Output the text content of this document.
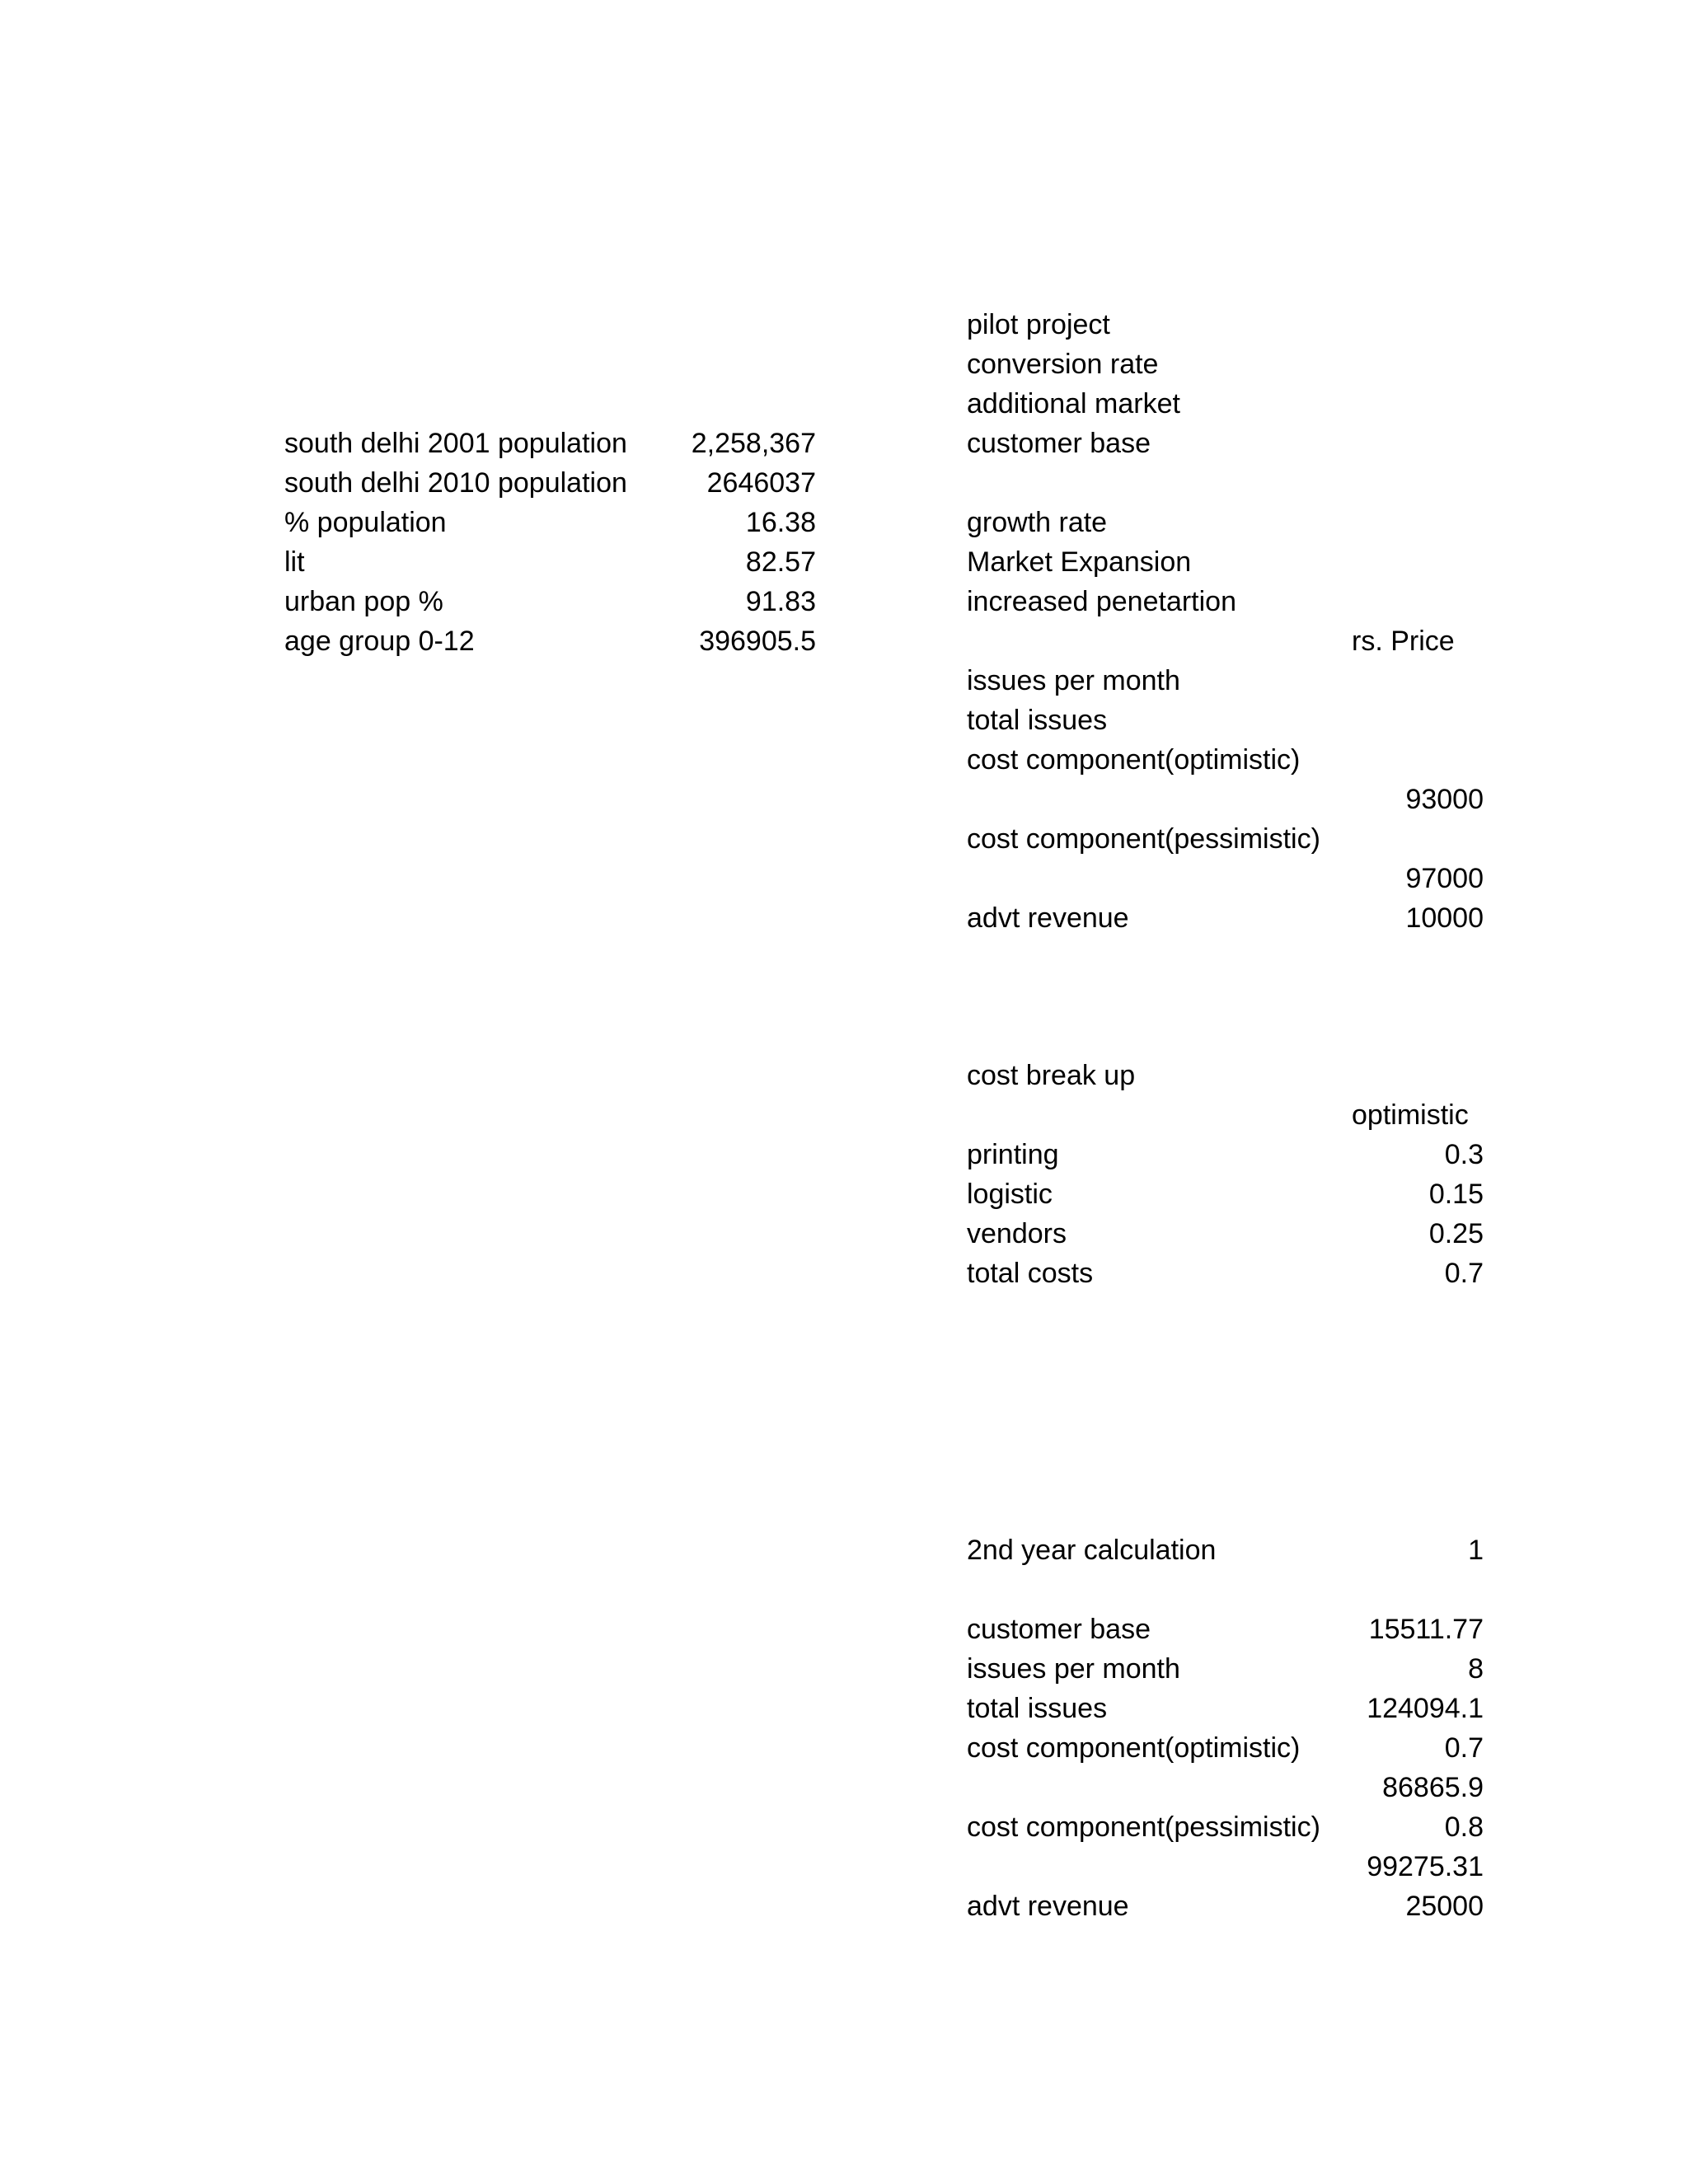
south delhi 2001 population	2,258,367
south delhi 2010 population	2646037
% population	16.38
lit	82.57
urban pop %	91.83
age group 0-12	396905.5
pilot project
conversion rate
additional market
customer base
growth rate
Market Expansion
increased penetartion
rs. Price
issues per month
total issues
cost component(optimistic)
93000
cost component(pessimistic)
97000
advt revenue	10000
cost break up
optimistic
printing	0.3
logistic	0.15
vendors	0.25
total costs	0.7
2nd year calculation	1
customer base	15511.77
issues per month	8
total issues	124094.1
cost component(optimistic)	0.7
86865.9
cost component(pessimistic)	0.8
99275.31
advt revenue	25000
